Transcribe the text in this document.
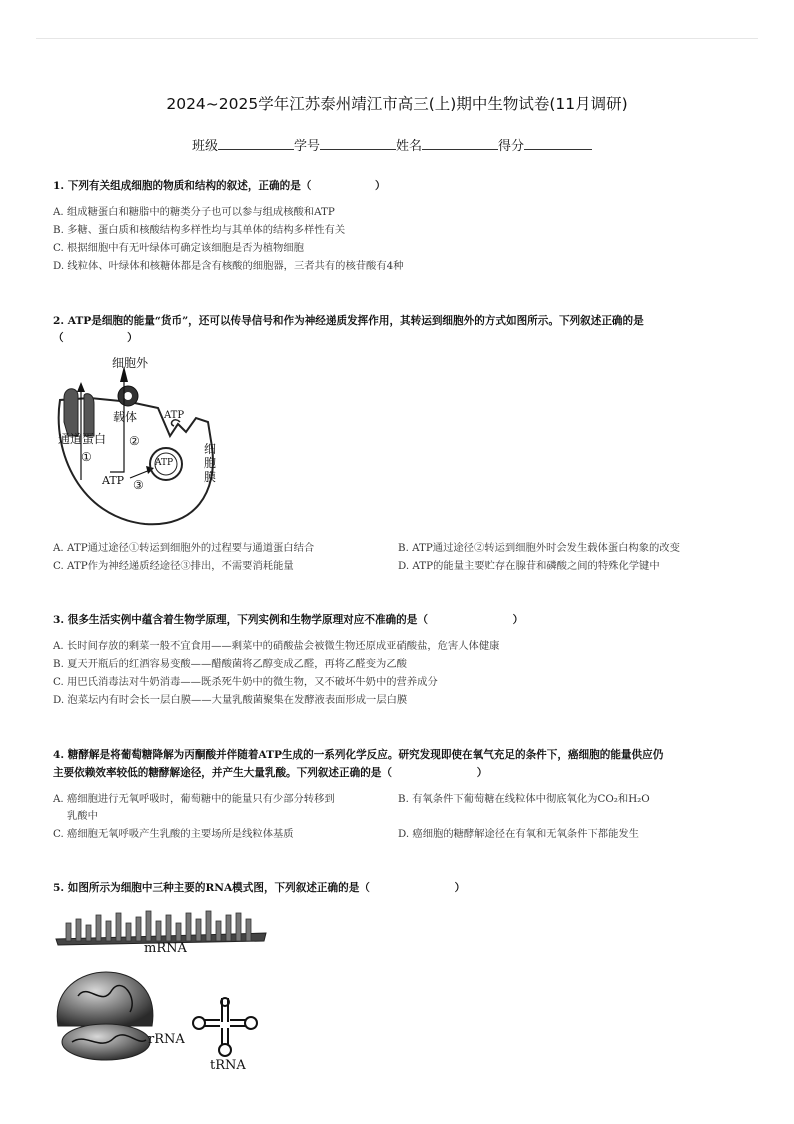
2024~2025学年江苏泰州靖江市高三(上)期中生物试卷(11月调研)
班级	学号	姓名	得分
1. 下列有关组成细胞的物质和结构的叙述，正确的是（　　　　　　）
A. 组成糖蛋白和糖脂中的糖类分子也可以参与组成核酸和ATP
B. 多糖、蛋白质和核酸结构多样性均与其单体的结构多样性有关
C. 根据细胞中有无叶绿体可确定该细胞是否为植物细胞
D. 线粒体、叶绿体和核糖体都是含有核酸的细胞器，三者共有的核苷酸有4种
2. ATP是细胞的能量“货币”，还可以传导信号和作为神经递质发挥作用，其转运到细胞外的方式如图所示。下列叙述正确的是
（　　　　　　）
细胞外
载体
通道蛋白
①
②
③
ATP
ATP
ATP
细
胞
膜
A. ATP通过途径①转运到细胞外的过程要与通道蛋白结合	B. ATP通过途径②转运到细胞外时会发生载体蛋白构象的改变
C. ATP作为神经递质经途径③排出，不需要消耗能量	D. ATP的能量主要贮存在腺苷和磷酸之间的特殊化学键中
3. 很多生活实例中蕴含着生物学原理，下列实例和生物学原理对应不准确的是（　　　　　　　　）
A. 长时间存放的剩菜一般不宜食用——剩菜中的硝酸盐会被微生物还原成亚硝酸盐，危害人体健康
B. 夏天开瓶后的红酒容易变酸——醋酸菌将乙醇变成乙醛，再将乙醛变为乙酸
C. 用巴氏消毒法对牛奶消毒——既杀死牛奶中的微生物，又不破坏牛奶中的营养成分
D. 泡菜坛内有时会长一层白膜——大量乳酸菌聚集在发酵液表面形成一层白膜
4. 糖酵解是将葡萄糖降解为丙酮酸并伴随着ATP生成的一系列化学反应。研究发现即使在氧气充足的条件下，癌细胞的能量供应仍
主要依赖效率较低的糖酵解途径，并产生大量乳酸。下列叙述正确的是（　　　　　　　　）
A. 癌细胞进行无氧呼吸时，葡萄糖中的能量只有少部分转移到
乳酸中
B. 有氧条件下葡萄糖在线粒体中彻底氧化为CO₂和H₂O
C. 癌细胞无氧呼吸产生乳酸的主要场所是线粒体基质	D. 癌细胞的糖酵解途径在有氧和无氧条件下都能发生
5. 如图所示为细胞中三种主要的RNA模式图，下列叙述正确的是（　　　　　　　　）
mRNA
rRNA
tRNA
